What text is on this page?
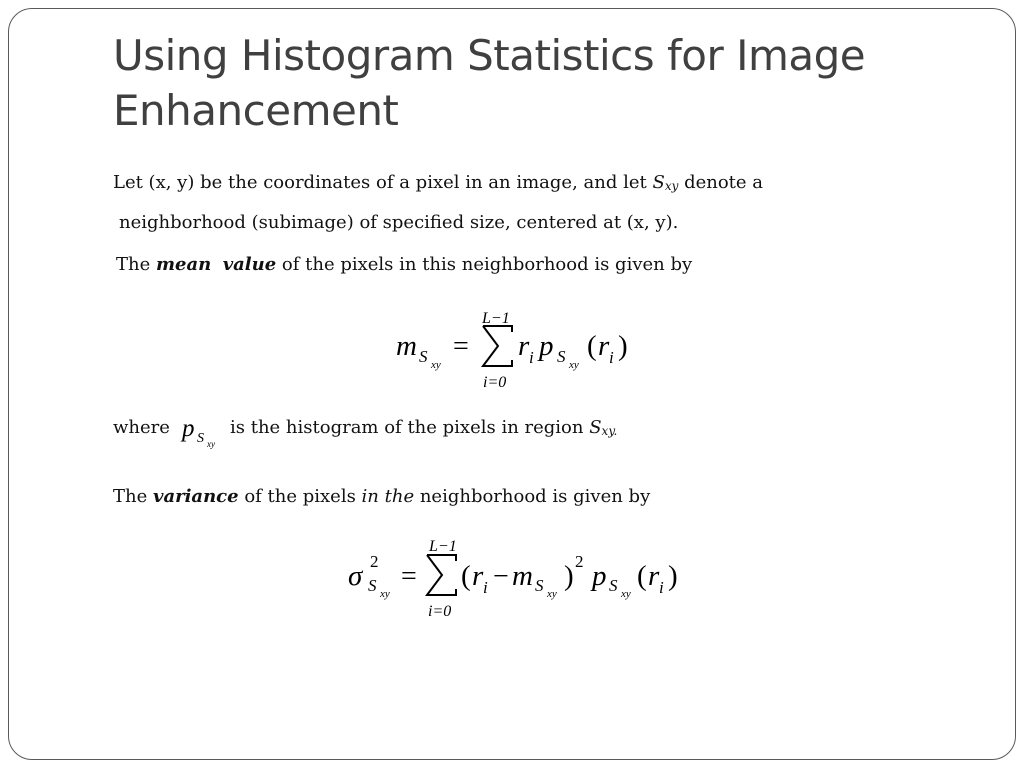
Using Histogram Statistics for Image Enhancement

Let (x, y) be the coordinates of a pixel in an image, and let Sxy denote a

neighborhood (subimage) of specified size, centered at (x, y).

The mean value of the pixels in this neighborhood is given by

m S xy
=
L−1
i=0
r i p S xy
( r i )

where p S xy

is the histogram of the pixels in region Sxy.

The variance of the pixels in the neighborhood is given by

σ 2
S xy
=
L−1
i=0
( r i − m S xy
) 2 p S xy
( r i )
